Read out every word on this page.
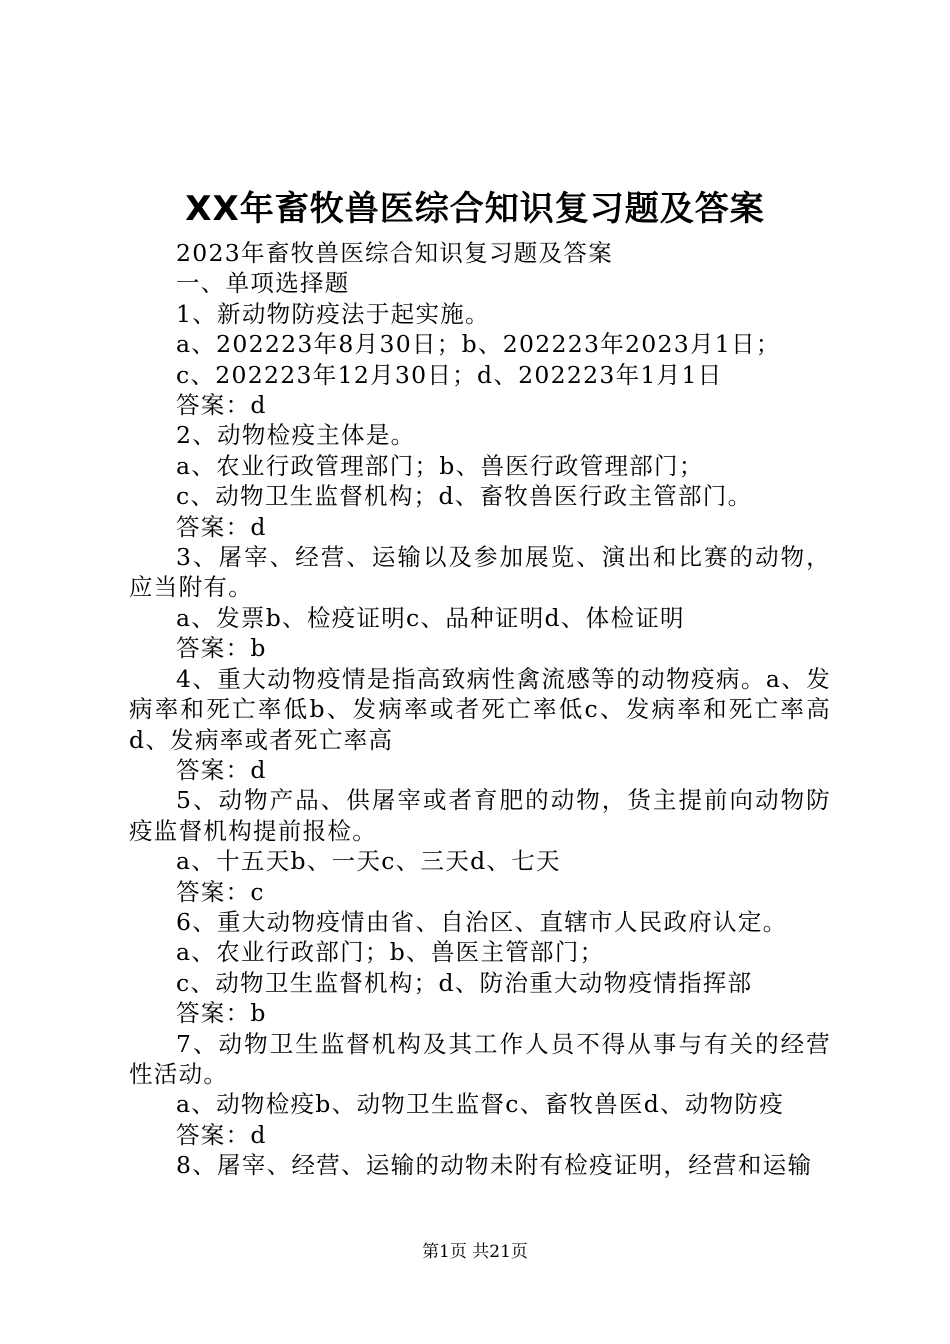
XX年畜牧兽医综合知识复习题及答案

2023年畜牧兽医综合知识复习题及答案

一、单项选择题

1、新动物防疫法于起实施。

a、202223年8月30日；b、202223年2023月1日；

c、202223年12月30日；d、202223年1月1日

答案：d

2、动物检疫主体是。

a、农业行政管理部门；b、兽医行政管理部门；

c、动物卫生监督机构；d、畜牧兽医行政主管部门。

答案：d

3、屠宰、经营、运输以及参加展览、演出和比赛的动物，应当附有。

a、发票b、检疫证明c、品种证明d、体检证明

答案：b

4、重大动物疫情是指高致病性禽流感等的动物疫病。a、发病率和死亡率低b、发病率或者死亡率低c、发病率和死亡率高d、发病率或者死亡率高

答案：d

5、动物产品、供屠宰或者育肥的动物，货主提前向动物防疫监督机构提前报检。

a、十五天b、一天c、三天d、七天

答案：c

6、重大动物疫情由省、自治区、直辖市人民政府认定。

a、农业行政部门；b、兽医主管部门；

c、动物卫生监督机构；d、防治重大动物疫情指挥部

答案：b

7、动物卫生监督机构及其工作人员不得从事与有关的经营性活动。

a、动物检疫b、动物卫生监督c、畜牧兽医d、动物防疫

答案：d

8、屠宰、经营、运输的动物未附有检疫证明，经营和运输

第1页 共21页
